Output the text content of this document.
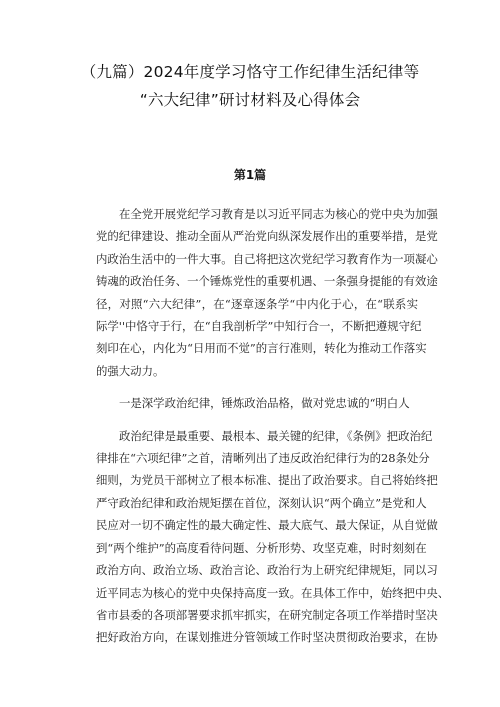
（九篇）2024年度学习恪守工作纪律生活纪律等
“六大纪律”研讨材料及心得体会
第1篇
在全党开展党纪学习教育是以习近平同志为核心的党中央为加强
党的纪律建设、推动全面从严治党向纵深发展作出的重要举措，是党
内政治生活中的一件大事。自己将把这次党纪学习教育作为一项凝心
铸魂的政治任务、一个锤炼党性的重要机遇、一条强身提能的有效途
径，对照“六大纪律”，在“逐章逐条学“中内化于心，在“联系实
际学''中恪守于行，在“自我剖析学”中知行合一，不断把遵规守纪
刻印在心，内化为“日用而不觉”的言行准则，转化为推动工作落实
的强大动力。
一是深学政治纪律，锤炼政治品格，做对党忠诚的“明白人
政治纪律是最重要、最根本、最关键的纪律，《条例》把政治纪
律排在“六项纪律”之首，清晰列出了违反政治纪律行为的28条处分
细则，为党员干部树立了根本标准、提出了政治要求。自己将始终把
严守政治纪律和政治规矩摆在首位，深刻认识“两个确立”是党和人
民应对一切不确定性的最大确定性、最大底气、最大保证，从自觉做
到“两个维护”的高度看待问题、分析形势、攻坚克难，时时刻刻在
政治方向、政治立场、政治言论、政治行为上研究纪律规矩，同以习
近平同志为核心的党中央保持高度一致。在具体工作中，始终把中央、
省市县委的各项部署要求抓牢抓实，在研究制定各项工作举措时坚决
把好政治方向，在谋划推进分管领域工作时坚决贯彻政治要求，在协
